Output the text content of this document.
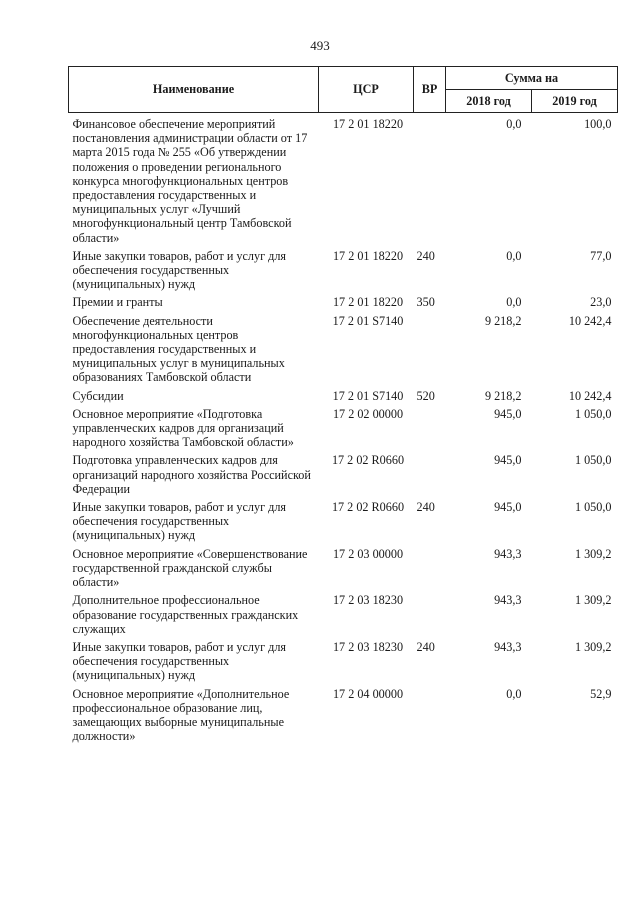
493
Наименование	ЦСР	ВР	Сумма на	
			2018 год	2019 год
Финансовое обеспечение мероприятий постановления администрации области от 17 марта 2015 года № 255 «Об утверждении положения о проведении регионального конкурса многофункциональных центров предоставления государственных и муниципальных услуг «Лучший многофункциональный центр Тамбовской области»	17 2 01 18220		0,0	100,0
Иные закупки товаров, работ и услуг для обеспечения государственных (муниципальных) нужд	17 2 01 18220	240	0,0	77,0
Премии и гранты	17 2 01 18220	350	0,0	23,0
Обеспечение деятельности многофункциональных центров предоставления государственных и муниципальных услуг в муниципальных образованиях Тамбовской области	17 2 01 S7140		9 218,2	10 242,4
Субсидии	17 2 01 S7140	520	9 218,2	10 242,4
Основное мероприятие «Подготовка управленческих кадров для организаций народного хозяйства Тамбовской области»	17 2 02 00000		945,0	1 050,0
Подготовка управленческих кадров для организаций народного хозяйства Российской Федерации	17 2 02 R0660		945,0	1 050,0
Иные закупки товаров, работ и услуг для обеспечения государственных (муниципальных) нужд	17 2 02 R0660	240	945,0	1 050,0
Основное мероприятие «Совершенствование государственной гражданской службы области»	17 2 03 00000		943,3	1 309,2
Дополнительное профессиональное образование государственных гражданских служащих	17 2 03 18230		943,3	1 309,2
Иные закупки товаров, работ и услуг для обеспечения государственных (муниципальных) нужд	17 2 03 18230	240	943,3	1 309,2
Основное мероприятие «Дополнительное профессиональное образование лиц, замещающих выборные муниципальные должности»	17 2 04 00000		0,0	52,9
